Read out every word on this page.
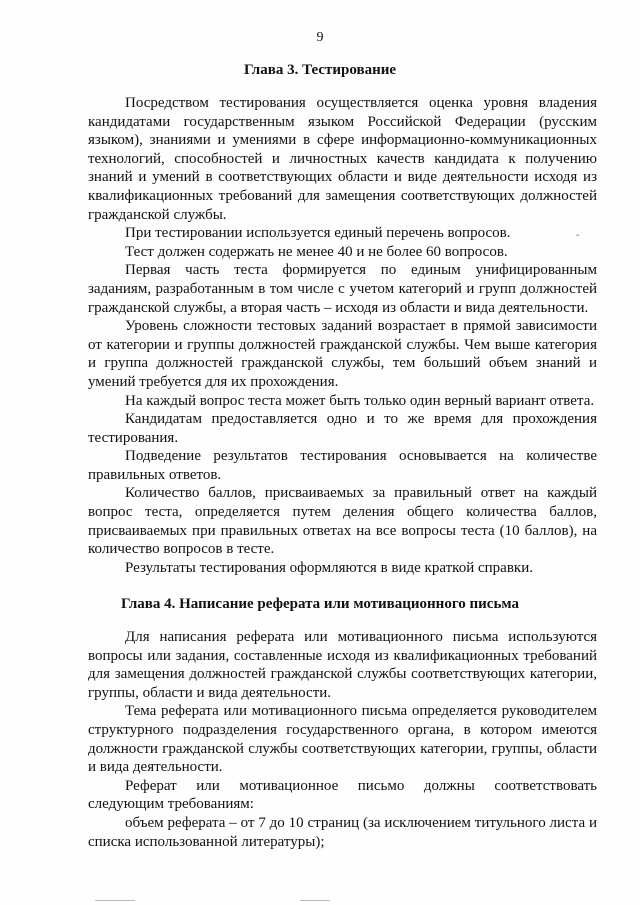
9
Глава 3. Тестирование

Посредством тестирования осуществляется оценка уровня владения кандидатами государственным языком Российской Федерации (русским языком), знаниями и умениями в сфере информационно-коммуникационных технологий, способностей и личностных качеств кандидата к получению знаний и умений в соответствующих области и виде деятельности исходя из квалификационных требований для замещения соответствующих должностей гражданской службы.

При тестировании используется единый перечень вопросов.

Тест должен содержать не менее 40 и не более 60 вопросов.

Первая часть теста формируется по единым унифицированным заданиям, разработанным в том числе с учетом категорий и групп должностей гражданской службы, а вторая часть – исходя из области и вида деятельности.

Уровень сложности тестовых заданий возрастает в прямой зависимости от категории и группы должностей гражданской службы. Чем выше категория и группа должностей гражданской службы, тем больший объем знаний и умений требуется для их прохождения.

На каждый вопрос теста может быть только один верный вариант ответа.

Кандидатам предоставляется одно и то же время для прохождения тестирования.

Подведение результатов тестирования основывается на количестве правильных ответов.

Количество баллов, присваиваемых за правильный ответ на каждый вопрос теста, определяется путем деления общего количества баллов, присваиваемых при правильных ответах на все вопросы теста (10 баллов), на количество вопросов в тесте.

Результаты тестирования оформляются в виде краткой справки.

Глава 4. Написание реферата или мотивационного письма

Для написания реферата или мотивационного письма используются вопросы или задания, составленные исходя из квалификационных требований для замещения должностей гражданской службы соответствующих категории, группы, области и вида деятельности.

Тема реферата или мотивационного письма определяется руководителем структурного подразделения государственного органа, в котором имеются должности гражданской службы соответствующих категории, группы, области и вида деятельности.

Реферат или мотивационное письмо должны соответствовать следующим требованиям:

объем реферата – от 7 до 10 страниц (за исключением титульного листа и списка использованной литературы);

ˆ
